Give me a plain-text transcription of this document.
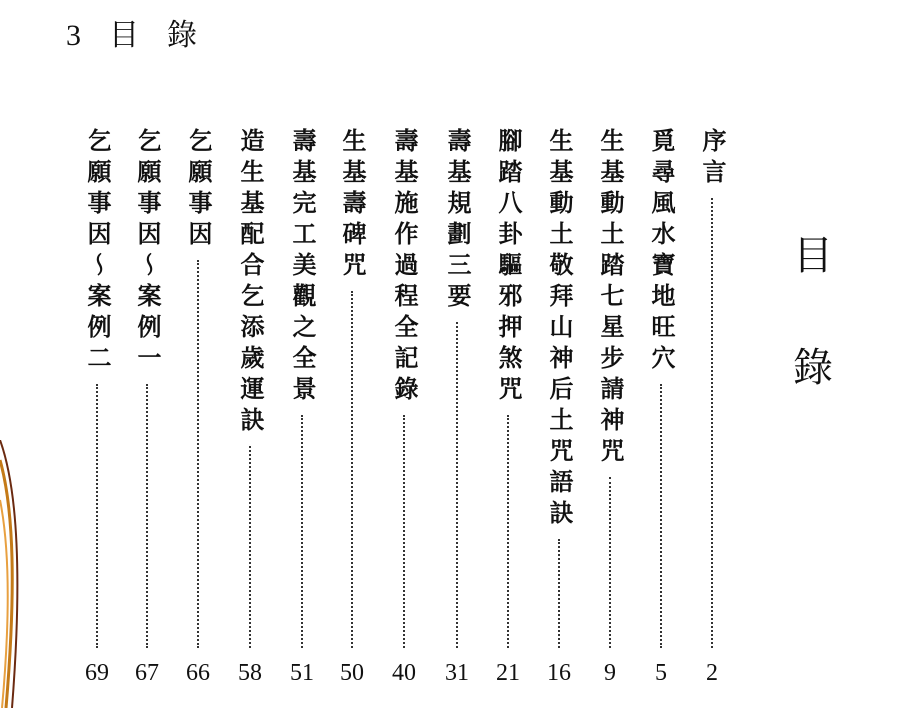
3 目 錄
目
錄
序言
2
覓尋風水寶地旺穴
5
生基動土踏七星步請神咒
9
生基動土敬拜山神后土咒語訣
16
腳踏八卦驅邪押煞咒
21
壽基規劃三要
31
壽基施作過程全記錄
40
生基壽碑咒
50
壽基完工美觀之全景
51
造生基配合乞添歲運訣
58
乞願事因
66
乞願事因～案例一
67
乞願事因～案例二
69
